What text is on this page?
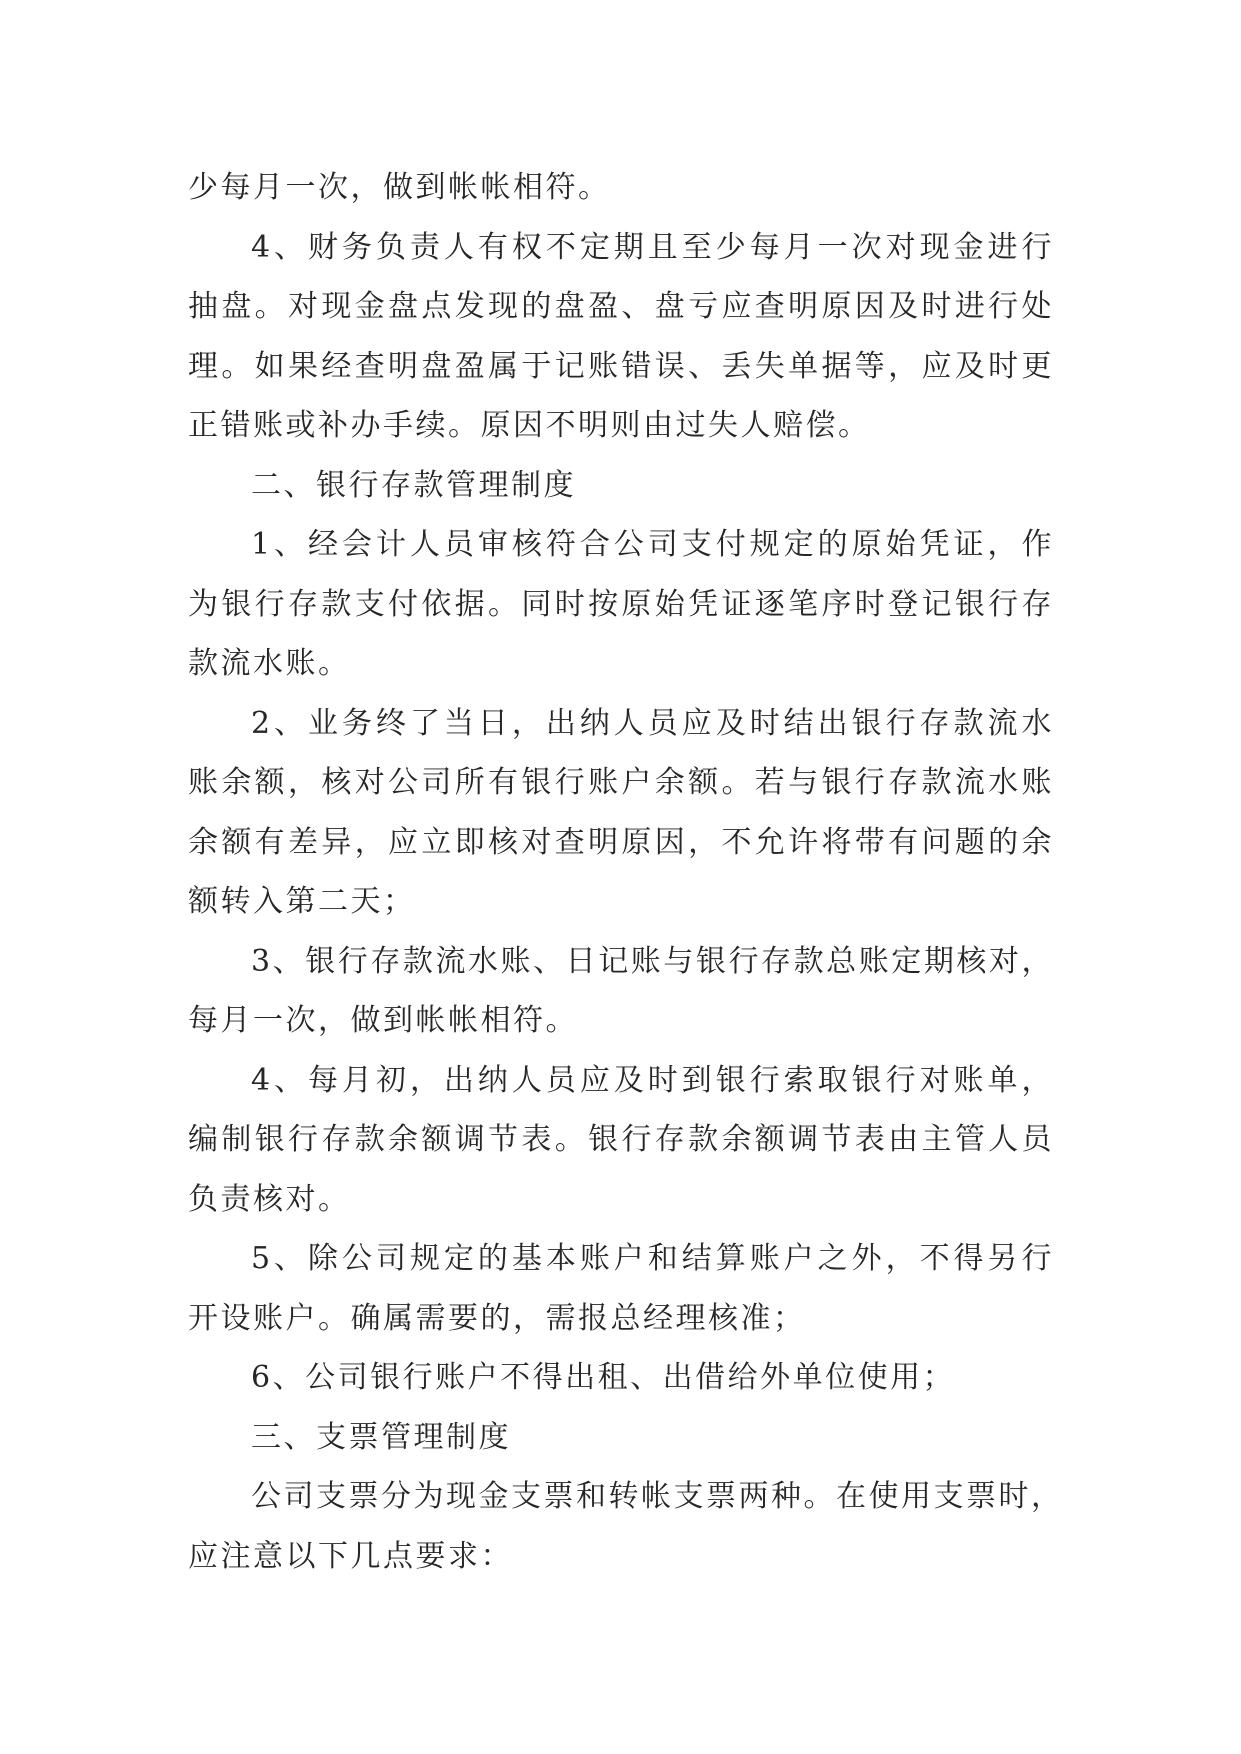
少每月一次，做到帐帐相符。

4、财务负责人有权不定期且至少每月一次对现金进行
抽盘。对现金盘点发现的盘盈、盘亏应查明原因及时进行处
理。如果经查明盘盈属于记账错误、丢失单据等，应及时更
正错账或补办手续。原因不明则由过失人赔偿。

二、银行存款管理制度

1、经会计人员审核符合公司支付规定的原始凭证，作
为银行存款支付依据。同时按原始凭证逐笔序时登记银行存
款流水账。

2、业务终了当日，出纳人员应及时结出银行存款流水
账余额，核对公司所有银行账户余额。若与银行存款流水账
余额有差异，应立即核对查明原因，不允许将带有问题的余
额转入第二天；

3、银行存款流水账、日记账与银行存款总账定期核对，
每月一次，做到帐帐相符。

4、每月初，出纳人员应及时到银行索取银行对账单，
编制银行存款余额调节表。银行存款余额调节表由主管人员
负责核对。

5、除公司规定的基本账户和结算账户之外，不得另行
开设账户。确属需要的，需报总经理核准；

6、公司银行账户不得出租、出借给外单位使用；

三、支票管理制度

公司支票分为现金支票和转帐支票两种。在使用支票时，
应注意以下几点要求：
